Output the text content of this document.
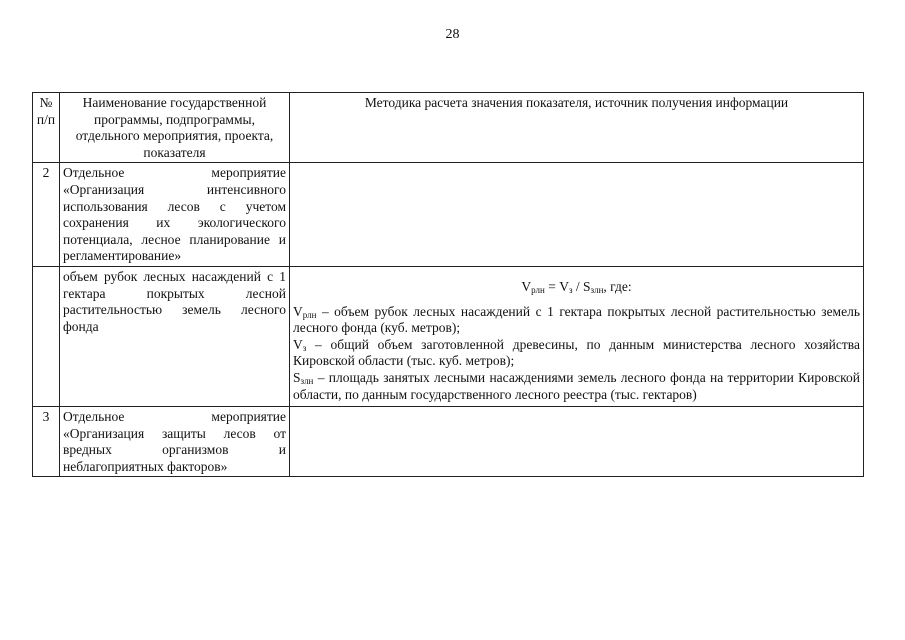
28
№ п/п	Наименование государственной программы, подпрограммы, отдельного мероприятия, проекта, показателя	Методика расчета значения показателя, источник получения информации
2	Отдельное мероприятие «Организация интенсивного использования лесов с учетом сохранения их экологического потенциала, лесное планирование и регламентирование»	
	объем рубок лесных насаждений с 1 гектара покрытых лесной растительностью земель лесного фонда	$V_{рлн} = V_з / S_{злн}$, где:
$V_{рлн}$ – объем рубок лесных насаждений с 1 гектара покрытых лесной растительностью земель лесного фонда (куб. метров);
$V_з$ – общий объем заготовленной древесины, по данным министерства лесного хозяйства Кировской области (тыс. куб. метров);
$S_{злн}$ – площадь занятых лесными насаждениями земель лесного фонда на территории Кировской области, по данным государственного лесного реестра (тыс. гектаров)

3	Отдельное мероприятие «Организация защиты лесов от вредных организмов и неблагоприятных факторов»	
